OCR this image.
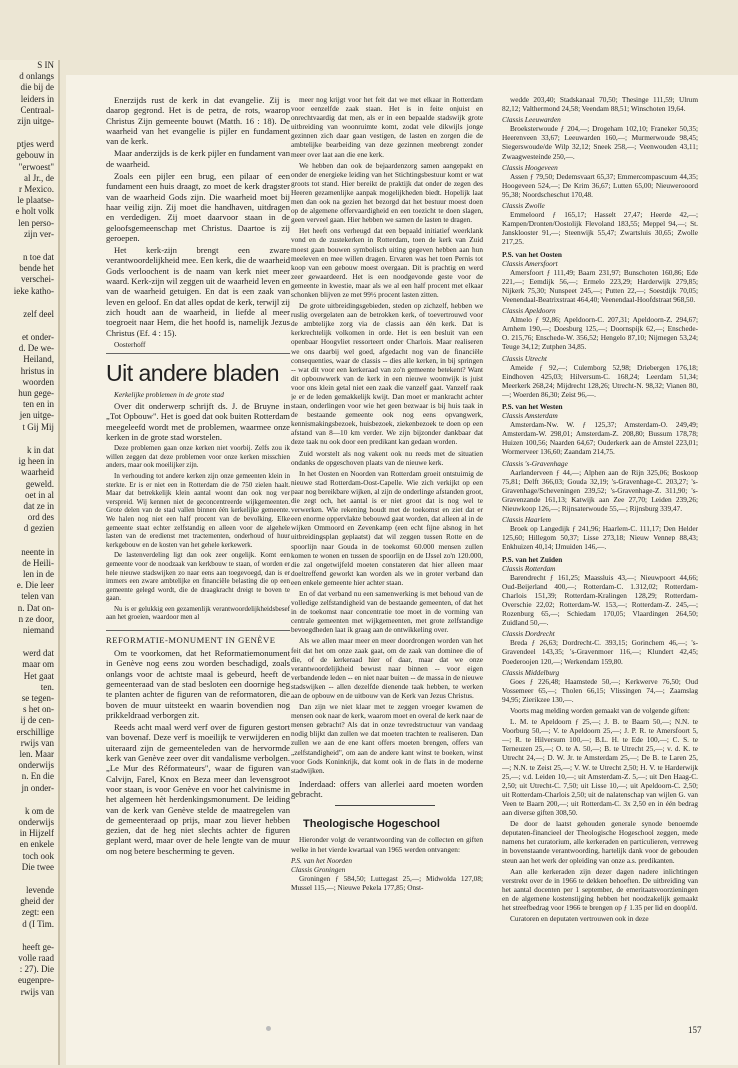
S IN

d onlangs

die bij de

leiders in

Centraal-

zijn uitge-

ptjes werd

gebouw in

"erwoest"

al Jr., de

r Mexico.

le plaatse-

e holt volk

len perso-

zijn ver-

n toe dat

bende het

verschei-

ieke katho-

zelf deel

et onder-

d. De we-

Heiland,

hristus in

woorden

hun gege-

ten en in

jen uitge-

t Gij Mij

k in dat

ig heen in

waarheid

geweld.

oet in al

dat ze in

ord des

d gezien

neente in

de Heili-

len in de

e. Die leer

telen van

n. Dat on-

n ze door,

niemand

werd dat

maar om

Het gaat

ten.

se tegen-

s het on-

ij de cen-

erschillige

rwijs van

len. Maar

onderwijs

n. En die

jn onder-

k om de

onderwijs

in Hijzelf

en enkele

toch ook

Die twee

levende

gheid der

zegt: een

d (I Tim.

heeft ge-

volle raad

: 27). Die

eugenpre-

rwijs van

Enerzijds rust de kerk in dat evangelie. Zij is daarop gegrond. Het is de petra, de rots, waarop Christus Zijn gemeente bouwt (Matth. 16 : 18). De waarheid van het evangelie is pijler en fundament van de kerk.

Maar anderzijds is de kerk pijler en fundament van de waarheid.

Zoals een pijler een brug, een pilaar of een fundament een huis draagt, zo moet de kerk dragster van de waarheid Gods zijn. Die waarheid moet bij haar veilig zijn. Zij moet die handhaven, uitdragen en verdedigen. Zij moet daarvoor staan in de geloofsgemeenschap met Christus. Daartoe is zij geroepen.

Het kerk-zijn brengt een zware verantwoordelijkheid mee. Een kerk, die de waarheid Gods verloochent is de naam van kerk niet meer waard. Kerk-zijn wil zeggen uit de waarheid leven en van de waarheid getuigen. En dat is een zaak van leven en geloof. En dat alles opdat de kerk, terwijl zij zich houdt aan de waarheid, in liefde al meer toegroeit naar Hem, die het hoofd is, namelijk Jezus Christus (Ef. 4 : 15).

Oosterhoff

Uit andere bladen

Kerkelijke problemen in de grote stad

Over dit onderwerp schrijft ds. J. de Bruyne in „Tot Opbouw". Het is goed dat ook buiten Rotterdam meegeleefd wordt met de problemen, waarmee onze kerken in de grote stad worstelen.

Deze problemen gaan onze kerken niet voorbij. Zelfs zou ik willen zeggen dat deze problemen voor onze kerken misschien anders, maar ook moeilijker zijn.

In verhouding tot andere kerken zijn onze gemeenten klein in sterkte. Er is er niet een in Rotterdam die de 750 zielen haalt. Maar dat betrekkelijk klein aantal woont dan ook nog ver verspreid. Wij kennen niet de geconcentreerde wijkgemeenten. Grote delen van de stad vallen binnen één kerkelijke gemeente. We halen nog niet een half procent van de bevolking. Elke gemeente staat echter zelfstandig en alleen voor de algehele lasten van de eredienst met tractementen, onderhoud of huur kerkgebouw en de kosten van het gehele kerkewerk.

De lastenverdeling ligt dan ook zeer ongelijk. Komt een gemeente voor de noodzaak van kerkbouw te staan, of worden er hele nieuwe stadswijken zo naar eens aan toegevoegd, dan is er immers een zware ambtelijke en financiële belasting die op een gemeente gelegd wordt, die de draagkracht dreigt te boven te gaan.

Nu is er gelukkig een gezamenlijk verantwoordelijkheidsbesef aan het groeien, waardoor men al

REFORMATIE-MONUMENT IN GENÈVE

Om te voorkomen, dat het Reformatiemonument in Genève nog eens zou worden beschadigd, zoals onlangs voor de achtste maal is gebeurd, heeft de gemeenteraad van de stad besloten een doornige heg te planten achter de figuren van de reformatoren, die boven de muur uitsteekt en waarin bovendien nog prikkeldraad verborgen zit.

Reeds acht maal werd verf over de figuren gestort van bovenaf. Deze verf is moeilijk te verwijderen en uiteraard zijn de gemeenteleden van de hervormde kerk van Genève zeer over dit vandalisme verbolgen. „Le Mur des Réformateurs", waar de figuren van Calvijn, Farel, Knox en Beza meer dan levensgroot voor staan, is voor Genève en voor het calvinisme in het algemeen hèt herdenkingsmonument. De leiding van de kerk van Genève stelde de maatregelen van de gemeenteraad op prijs, maar zou liever hebben gezien, dat de heg niet slechts achter de figuren geplant werd, maar over de hele lengte van de muur om nog betere bescherming te geven.

meer nog krijgt voor het feit dat we met elkaar in Rotterdam voor eenzelfde zaak staan. Het is in feite onjuist en onrechtvaardig dat men, als er in een bepaalde stadswijk grote uitbreiding van woonruimte komt, zodat vele dikwijls jonge gezinnen zich daar gaan vestigen, de lasten en zorgen die de ambtelijke bearbeiding van deze gezinnen meebrengt zonder meer over laat aan die ene kerk.

We hebben dan ook de bejaardenzorg samen aangepakt en onder de energieke leiding van het Stichtingsbestuur komt er wat groots tot stand. Hier bereikt de praktijk dat onder de zegen des Heeren gezamenlijke aanpak mogelijkheden biedt. Hopelijk laat men dan ook na gezien het bezorgd dat het bestuur moest doen op de algemene offervaardigheid en een toezicht te doen slagen, geen verveel gaan. Hier hebben we samen de lasten te dragen.

Het heeft ons verheugd dat een bepaald initiatief weerklank vond en de zustekerken in Rotterdam, toen de kerk van Zuid moest gaan bouwen symbolisch uiting gegeven hebben aan hun meeleven en mee willen dragen. Ervaren was het toen Pernis tot koop van een gebouw moest overgaan. Dit is prachtig en werd zeer gewaardeerd. Het is een noodgevonde geste voor de gemeente in kwestie, maar als we al een half procent met elkaar schonken blijven ze met 99½ procent lasten zitten.

De grote uitbreidingsgebieden, steden op zichzelf, hebben we ruslig overgelaten aan de betrokken kerk, of toevertrouwd voor de ambtelijke zorg via de classis aan één kerk. Dat is kerkrechtelijk volkomen in orde. Het is een besluit van een openbaar Hoogvliet ressorteert onder Charlois. Maar realiseren we ons daarbij wel goed, afgedacht nog van de financiële consequenties, waar de classis -- dies alle kerken, in bij springen -- wat dit voor een kerkeraad van zo'n gemeente betekent? Want dit opbouwwerk van de kerk in een nieuwe woonwijk is juist voor ons klein getal niet een zaak die vanzelf gaat. Vanzelf raak je er de leden gemakkelijk kwijt. Dan moet er mankracht achter staan, onderlingen voor wie het geen bezwaar is bij huis taak in de bestaande gemeente ook nog eens opvangwerk, kennismakingsbezoek, huisbezoek, ziekenbezoek te doen op een afstand van 8—10 km verder. We zijn bijzonder dankbaar dat deze taak nu ook door een predikant kan gedaan worden.

Zuid worstelt als nog vakent ook nu reeds met de situatien ondanks de opgeschoven plaats van de nieuwe kerk.

In het Oosten en Noorden van Rotterdam groeit ontstuimig de nieuwe stad Rotterdam-Oost-Capelle. Wie zich verkijkt op een paar nog bereikbare wijken, al zijn de onderlinge afstanden groot, die zegt och, het aantal is er niet groot dat is nog wel te verwerken. Wie rekening houdt met de toekomst en ziet dat er een enorme oppervlakte bebouwd gaat worden, dat alleen al in de wijken Ommoord en Zevenkamp (een echt fijne alsnog in het uitbreidingsplan geplaatst) dat wil zeggen tussen Rotte en de spoorlijn naar Gouda in de toekomst 60.000 mensen zullen komen te wonen en tussen de spoorlijn en de IJssel zo'n 120.000, die zal ongetwijfeld moeten constateren dat hier alleen maar doeltreffend geworkt kan worden als we in groter verband dan een enkele gemeente hier achter staan.

En of dat verband nu een samenwerking is met behoud van de volledige zelfstandigheid van de bestaande gemeenten, of dat het in de toekomst naar concentratie toe moet in de vorming van centrale gemeenten met wijkgemeenten, met grote zelfstandige bevoegdheden laat ik graag aan de ontwikkeling over.

Als we allen maar meer en meer doordrongen worden van het feit dat het om onze zaak gaat, om de zaak van dominee die of die, of de kerkeraad hier of daar, maar dat we onze verantwoordelijkheid bewust naar binnen -- voor eigen verbandende leden -- en niet naar buiten -- de massa in de nieuwe stadswijken -- allen dezelfde dienende taak hebben, te werken aan de opbouw en de uitbouw van de Kerk van Jezus Christus.

Dan zijn we niet klaar met te zeggen vroeger kwamen de mensen ook naar de kerk, waarom moet en overal de kerk naar de mensen gebracht? Als dat in onze tevredstructuur van vandaag nodig blijkt dan zullen we dat moeten trachten te realiseren. Dan zullen we aan de ene kant offers moeten brengen, offers van „zelfstandigheid", om aan de andere kant winst te boeken, winst voor Gods Koninkrijk, dat komt ook in de flats in de moderne stadwijken.

Inderdaad: offers van allerlei aard moeten worden gebracht.

Theologische Hogeschool

Hieronder volgt de verantwoording van de collecten en giften welke in het vierde kwartaal van 1965 werden ontvangen:

P.S. van het Noorden

Classis Groningen

Groningen ƒ 584,50; Luttegast 25,—; Midwolda 127,08; Mussel 115,—; Nieuwe Pekela 177,85; Onst-

wedde 203,40; Stadskanaal 70,50; Thesinge 111,59; Ulrum 82,12; Valthermond 24,58; Veendam 88,51; Winschoten 19,64.

Classis Leeuwarden

Broeksterwoude ƒ 204,—; Drogeham 102,10; Franeker 50,35; Heerenveen 33,67; Leeuwarden 160,—; Murmerwoude 98,45; Siegerswoude/de Wilp 32,12; Sneek 258,—; Veenwouden 43,11; Zwaagwesteinde 250,—.

Classis Hoogeveen

Assen ƒ 79,50; Dedemsvaart 65,37; Emmercompascuum 44,35; Hoogeveen 524,—; De Krim 36,67; Lutten 65,00; Nieuwerooord 95,38; Noordscheschut 170,48.

Classis Zwolle

Emmeloord ƒ 165,17; Hasselt 27,47; Heerde 42,—; Kampen/Dronten/Oostolijk Flevoland 183,55; Meppel 94,—; St. Jansklooster 91,—; Steenwijk 55,47; Zwartsluis 30,65; Zwolle 217,25.

P.S. van het Oosten

Classis Amersfoort

Amersfoort ƒ 111,49; Baarn 231,97; Bunschoten 160,86; Ede 221,—; Eemdijk 56,—; Ermelo 223,29; Harderwijk 279,85; Nijkerk 75,30; Nunspeet 245,—; Putten 22,—; Soestdijk 70,05; Veenendaal-Beatrixstraat 464,40; Veenendaal-Hoofdstraat 968,50.

Classis Apeldoorn

Almelo ƒ 92,86; Apeldoorn-C. 207,31; Apeldoorn-Z. 294,67; Arnhem 190,—; Doesburg 125,—; Doornspijk 62,—; Enschede-O. 215,76; Enschede-W. 356,52; Hengelo 87,10; Nijmegen 53,24; Teuge 34,12; Zutphen 34,85.

Classis Utrecht

Ameide ƒ 92,—; Culemborg 52,98; Driebergen 176,18; Eindhoven 425,03; Hilversum-C. 168,24; Leerdam 51,34; Meerkerk 268,24; Mijdrecht 128,26; Utrecht-N. 98,32; Vianen 80,—; Woerden 86,30; Zeist 96,—.

P.S. van het Westen

Classis Amsterdam

Amsterdam-Nw. W. ƒ 125,37; Amsterdam-O. 249,49; Amsterdam-W. 298,01; Amsterdam-Z. 208,80; Bussum 178,78; Huizen 100,56; Naarden 64,67; Ouderkerk aan de Amstel 223,01; Wormerveer 136,60; Zaandam 214,75.

Classis 's-Gravenhage

Aarlanderveen ƒ 44,—; Alphen aan de Rijn 325,06; Boskoop 75,81; Delft 366,03; Gouda 32,19; 's-Gravenhage-C. 203,27; 's-Gravenhage/Scheveningen 239,52; 's-Gravenhage-Z. 311,90; 's-Gravenzande 161,13; Katwijk aan Zee 27,70; Leiden 239,26; Nieuwkoop 126,—; Rijnsaterwoude 55,—; Rijnsburg 339,47.

Classis Haarlem

Broek op Langedijk ƒ 241,96; Haarlem-C. 111,17; Den Helder 125,60; Hillegom 50,37; Lisse 273,18; Nieuw Vennep 88,43; Enkhuizen 40,14; IJmuiden 146,—.

P.S. van het Zuiden

Classis Rotterdam

Barendrecht ƒ 161,25; Maassluis 43,—; Nieuwpoort 44,66; Oud-Beijerland 400,—; Rotterdam-C. 1.312,02; Rotterdam-Charlois 151,39; Rotterdam-Kralingen 128,29; Rotterdam-Overschie 22,02; Rotterdam-W. 153,—; Rotterdam-Z. 245,—; Rozenburg 65,—; Schiedam 170,05; Vlaardingen 264,50; Zuidland 50,—.

Classis Dordrecht

Breda ƒ 26,63; Dordrecht-C. 393,15; Gorinchem 46,—; 's-Gravendeel 143,35; 's-Gravenmoer 116,—; Klundert 42,45; Poederoojen 120,—; Werkendam 159,80.

Classis Middelburg

Goes ƒ 226,48; Haamstede 50,—; Kerkwerve 76,50; Oud Vossemeer 65,—; Tholen 66,15; Vlissingen 74,—; Zaamslag 94,95; Zierikzee 130,—.

Voorts mag melding worden gemaakt van de volgende giften:

L. M. te Apeldoorn ƒ 25,—; J. B. te Baarn 50,—; N.N. te Voorburg 50,—; V. te Apeldoorn 25,—; J. P. R. te Amersfoort 5,—; R. te Hilversum 100,—; B.L. H. te Ede 100,—; C. S. te Terneuzen 25,—; O. te A. 50,—; B. te Utrecht 25,—; v. d. K. te Utrecht 24,—; D. W. Jr. te Amsterdam 25,—; De B. te Laren 25,—; N.N. te Zeist 25,—; V. W. te Utrecht 2,50; H. V. te Harderwijk 25,—; v.d. Leiden 10,—; uit Amsterdam-Z. 5,—; uit Den Haag-C. 2,50; uit Utrecht-C. 7,50; uit Lisse 10,—; uit Apeldoorn-C. 2,50; uit Rotterdam-Charlois 2,50; uit de nalatenschap van wijlen G. van Veen te Baarn 200,—; uit Rotterdam-C. 3x 2,50 en in één bedrag aan diverse giften 308,50.

De door de laatst gehouden generale synode benoemde deputaten-financieel der Theologische Hogeschool zeggen, mede namens het curatorium, alle kerkeraden en particulieren, verreweg in bovenstaande verantwoording, hartelijk dank voor de gebouden steun aan het werk der opleiding van onze a.s. predikanten.

Aan alle kerkeraden zijn dezer dagen nadere inlichtingen verstrekt over de in 1966 te dekken behoeften. De uitbreiding van het aantal docenten per 1 september, de emeritaatsvoorzieningen en de algemene kostenstijging hebben het noodzakelijk gemaakt het streefbedrag voor 1966 te brengen op ƒ 1.35 per lid en doopl/d.

Curatoren en deputaten vertrouwen ook in deze

157
